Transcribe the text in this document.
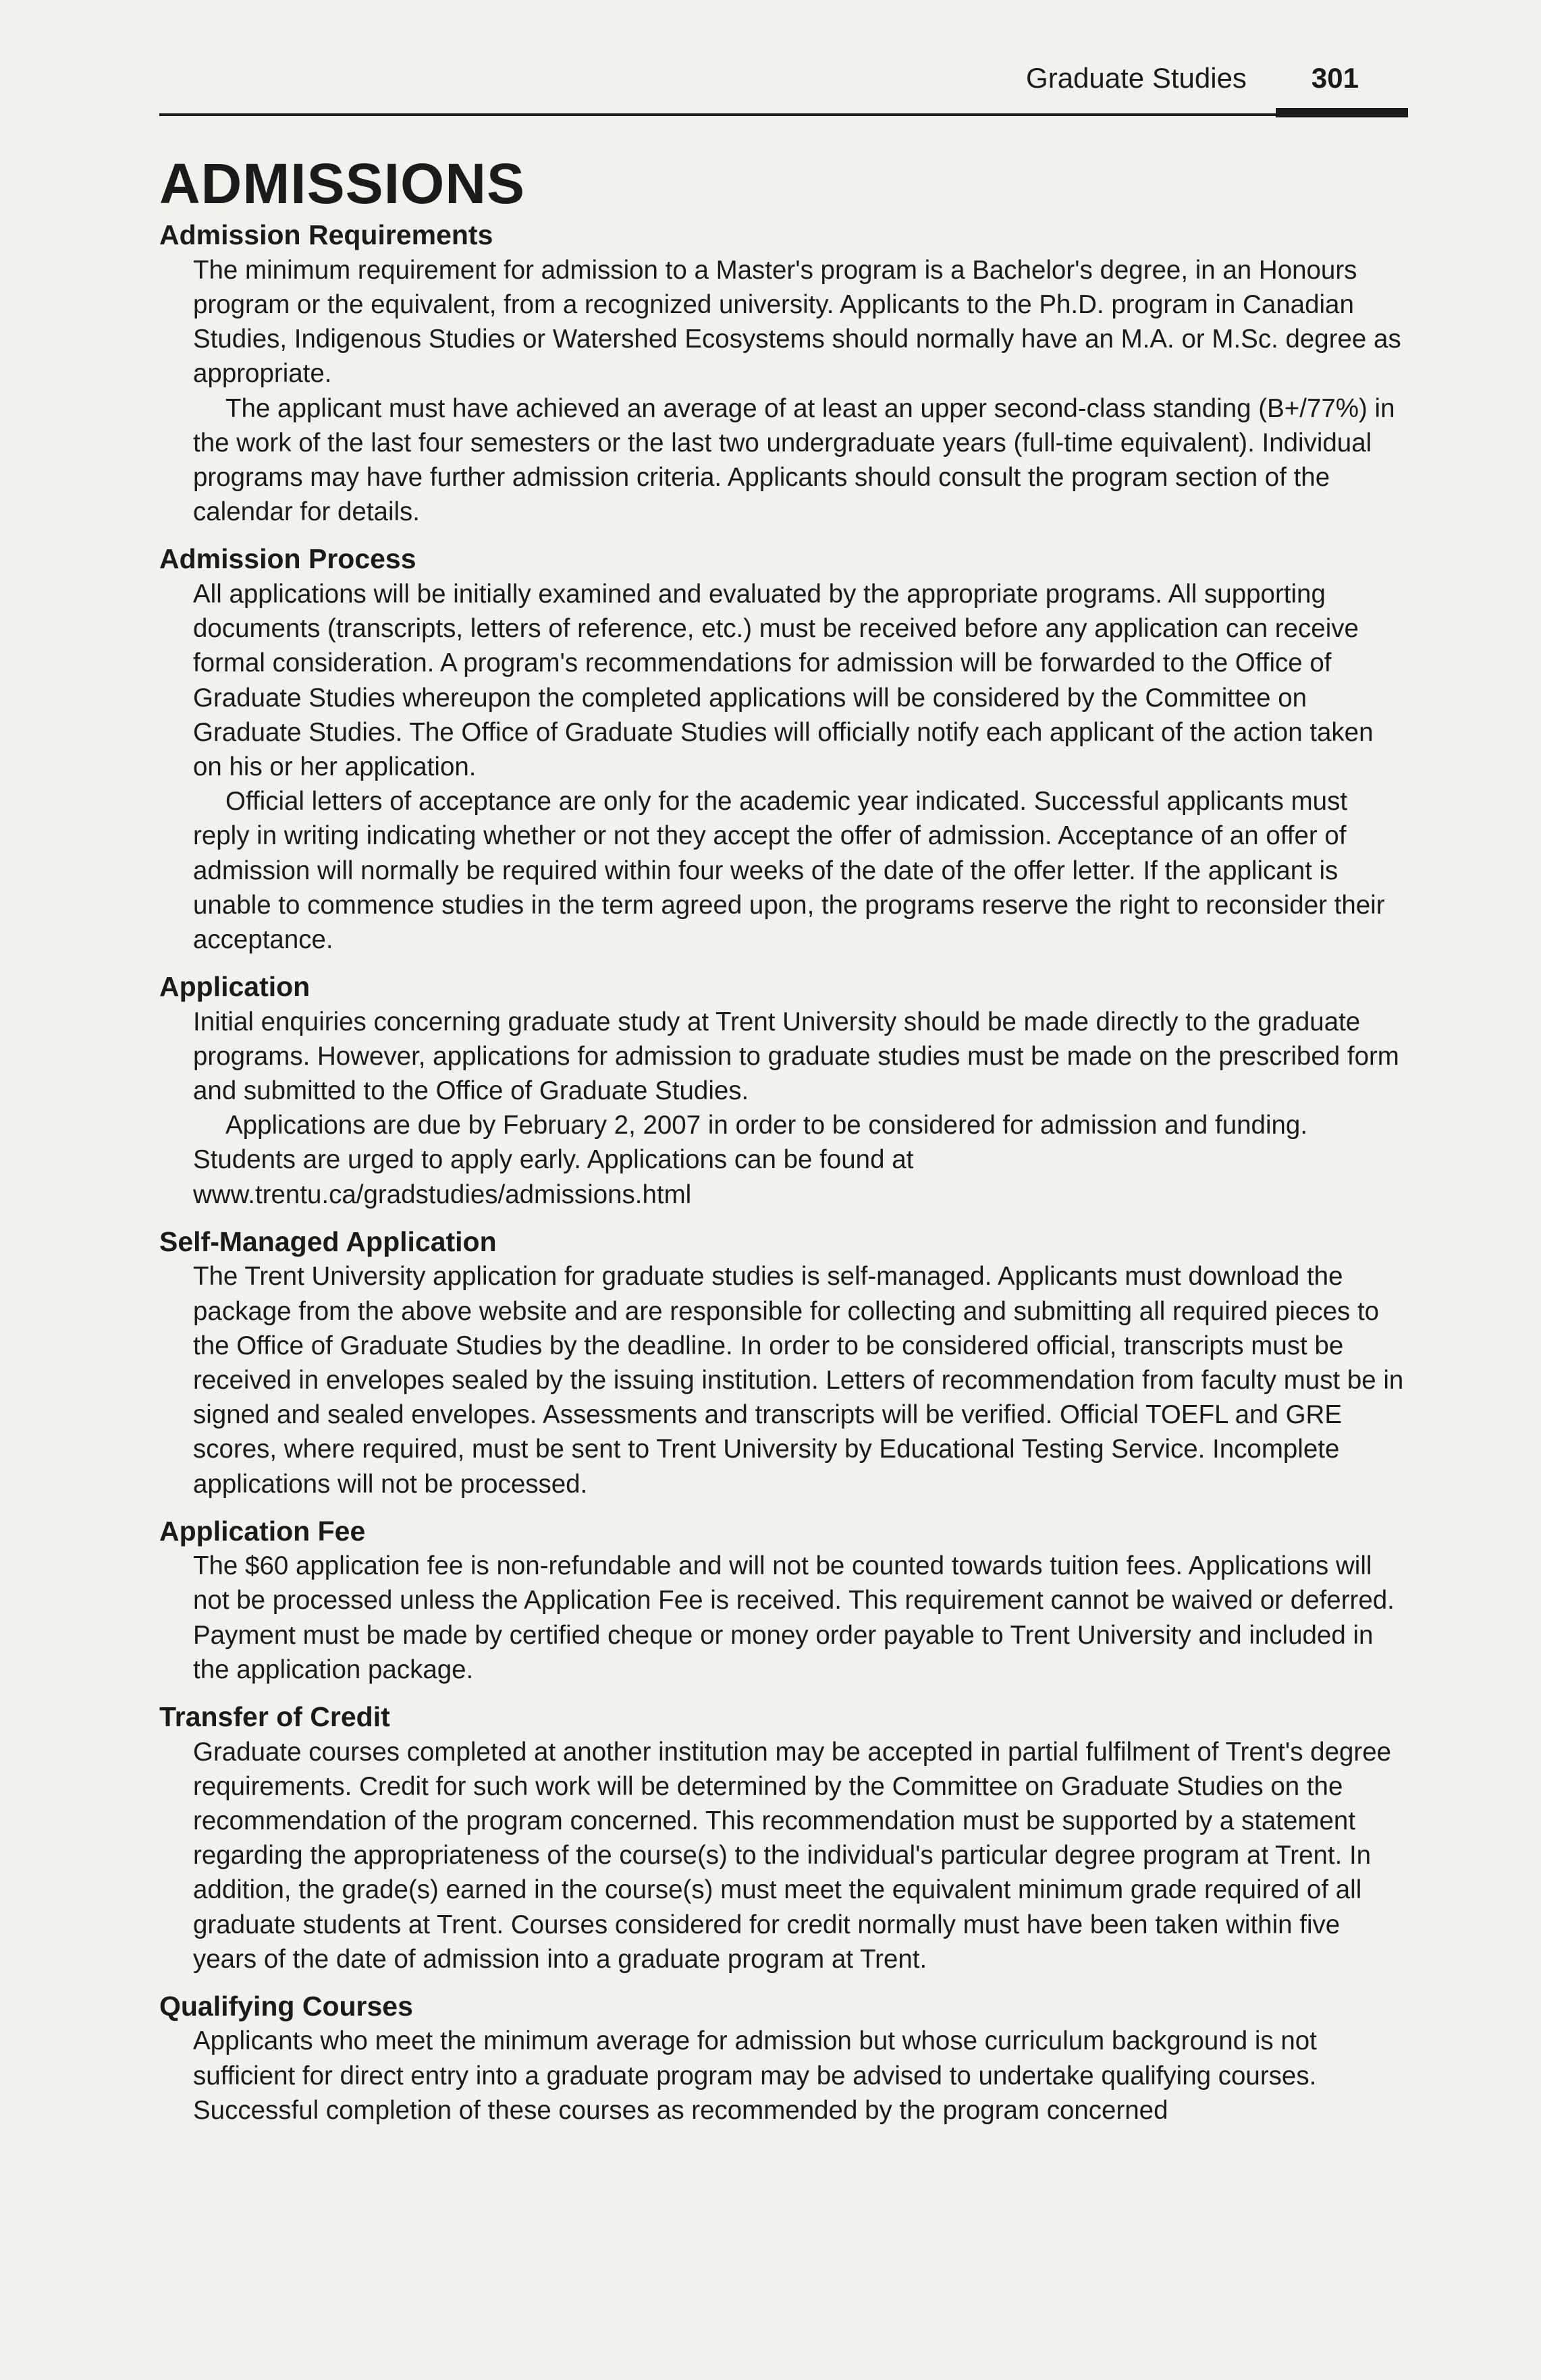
Graduate Studies 301
ADMISSIONS
Admission Requirements

The minimum requirement for admission to a Master's program is a Bachelor's degree, in an Honours program or the equivalent, from a recognized university. Applicants to the Ph.D. program in Canadian Studies, Indigenous Studies or Watershed Ecosystems should normally have an M.A. or M.Sc. degree as appropriate.

The applicant must have achieved an average of at least an upper second-class standing (B+/77%) in the work of the last four semesters or the last two undergraduate years (full-time equivalent). Individual programs may have further admission criteria. Applicants should consult the program section of the calendar for details.

Admission Process

All applications will be initially examined and evaluated by the appropriate programs. All supporting documents (transcripts, letters of reference, etc.) must be received before any application can receive formal consideration. A program's recommendations for admission will be forwarded to the Office of Graduate Studies whereupon the completed applications will be considered by the Committee on Graduate Studies. The Office of Graduate Studies will officially notify each applicant of the action taken on his or her application.

Official letters of acceptance are only for the academic year indicated. Successful applicants must reply in writing indicating whether or not they accept the offer of admission. Acceptance of an offer of admission will normally be required within four weeks of the date of the offer letter. If the applicant is unable to commence studies in the term agreed upon, the programs reserve the right to reconsider their acceptance.

Application

Initial enquiries concerning graduate study at Trent University should be made directly to the graduate programs. However, applications for admission to graduate studies must be made on the prescribed form and submitted to the Office of Graduate Studies.

Applications are due by February 2, 2007 in order to be considered for admission and funding. Students are urged to apply early. Applications can be found at www.trentu.ca/gradstudies/admissions.html

Self-Managed Application

The Trent University application for graduate studies is self-managed. Applicants must download the package from the above website and are responsible for collecting and submitting all required pieces to the Office of Graduate Studies by the deadline. In order to be considered official, transcripts must be received in envelopes sealed by the issuing institution. Letters of recommendation from faculty must be in signed and sealed envelopes. Assessments and transcripts will be verified. Official TOEFL and GRE scores, where required, must be sent to Trent University by Educational Testing Service. Incomplete applications will not be processed.

Application Fee

The $60 application fee is non-refundable and will not be counted towards tuition fees. Applications will not be processed unless the Application Fee is received. This requirement cannot be waived or deferred. Payment must be made by certified cheque or money order payable to Trent University and included in the application package.

Transfer of Credit

Graduate courses completed at another institution may be accepted in partial fulfilment of Trent's degree requirements. Credit for such work will be determined by the Committee on Graduate Studies on the recommendation of the program concerned. This recommendation must be supported by a statement regarding the appropriateness of the course(s) to the individual's particular degree program at Trent. In addition, the grade(s) earned in the course(s) must meet the equivalent minimum grade required of all graduate students at Trent. Courses considered for credit normally must have been taken within five years of the date of admission into a graduate program at Trent.

Qualifying Courses

Applicants who meet the minimum average for admission but whose curriculum background is not sufficient for direct entry into a graduate program may be advised to undertake qualifying courses. Successful completion of these courses as recommended by the program concerned
